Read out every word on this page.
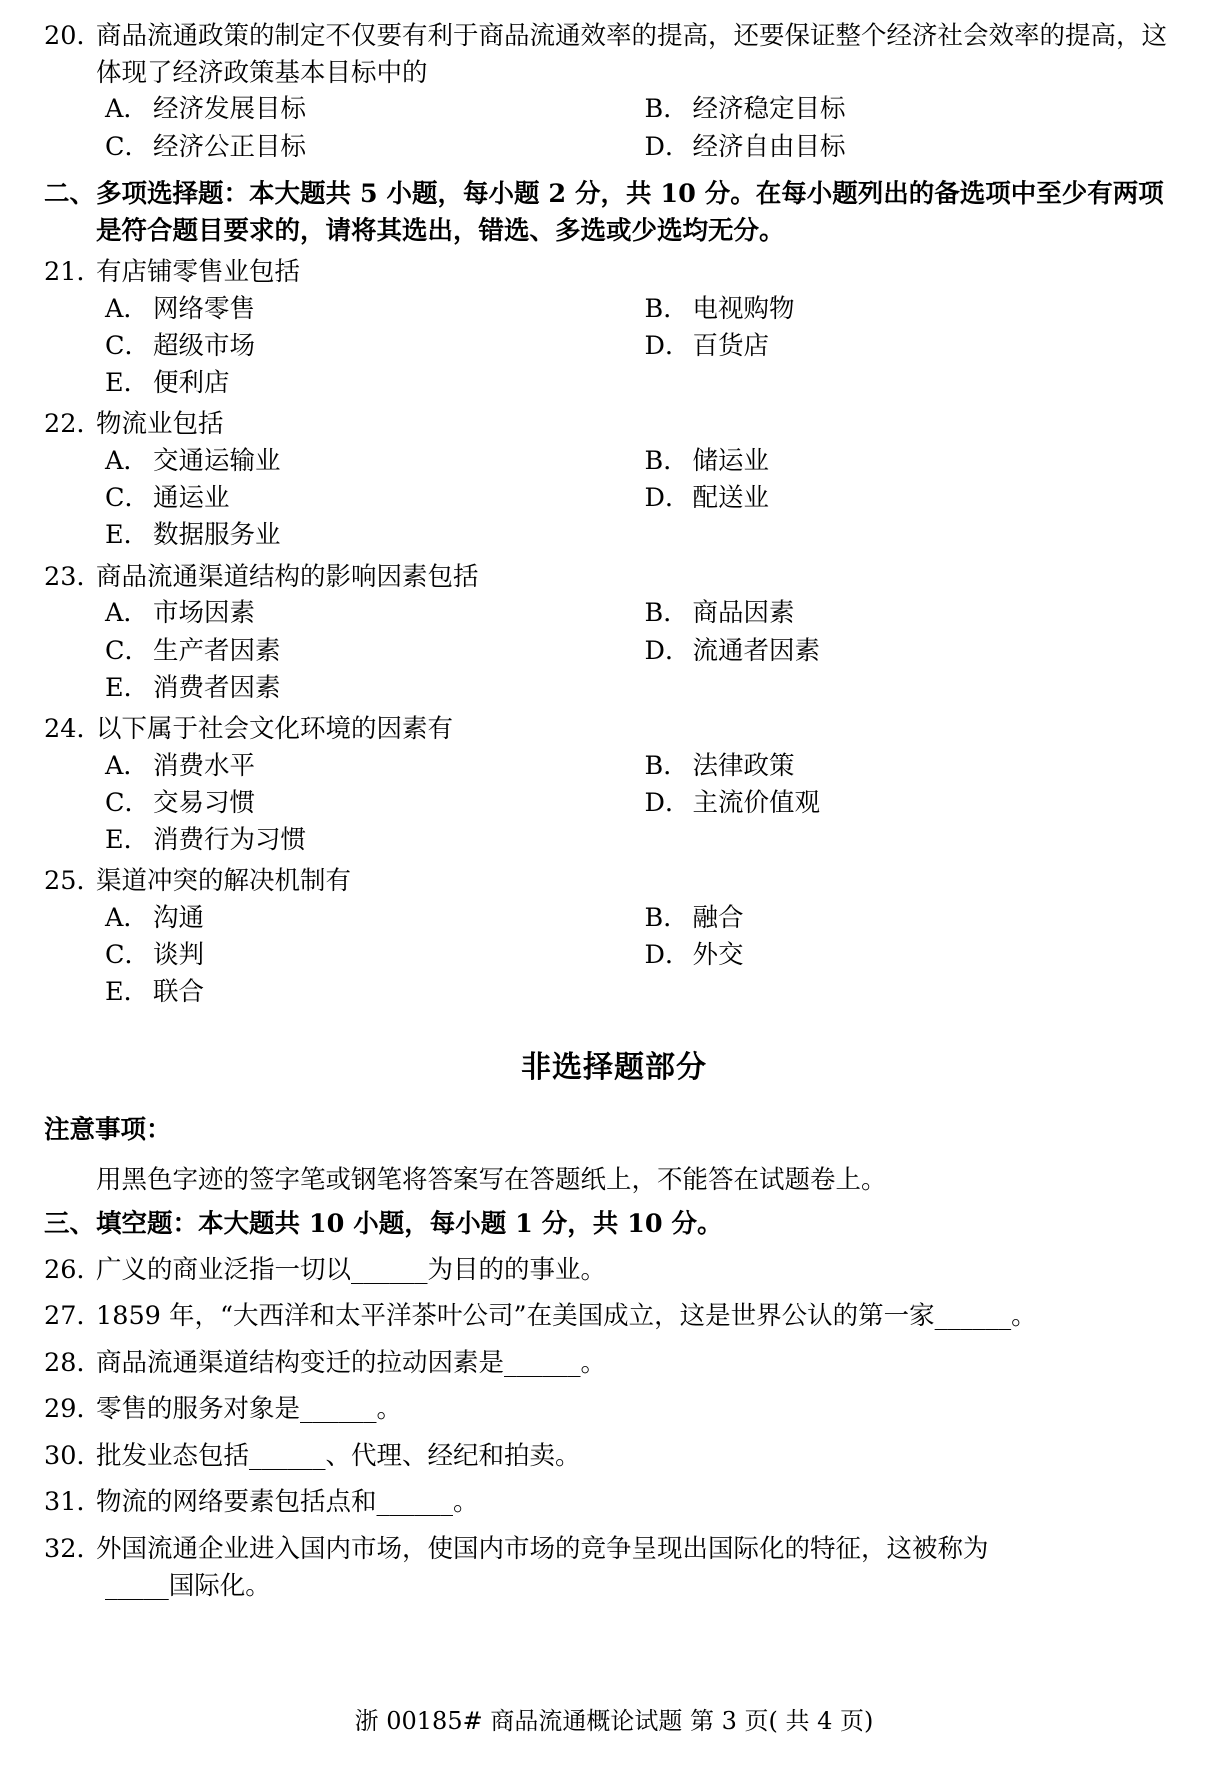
20．
商品流通政策的制定不仅要有利于商品流通效率的提高，还要保证整个经济社会效率的提高，这体现了经济政策基本目标中的
A． 经济发展目标	B． 经济稳定目标
C． 经济公正目标	D． 经济自由目标
二、 多项选择题：本大题共 5 小题，每小题 2 分，共 10 分。在每小题列出的备选项中至少有两项是符合题目要求的，请将其选出，错选、多选或少选均无分。
21．
有店铺零售业包括
A． 网络零售	B． 电视购物
C． 超级市场	D． 百货店
E． 便利店
22．
物流业包括
A． 交通运输业	B． 储运业
C． 通运业	D． 配送业
E． 数据服务业
23．
商品流通渠道结构的影响因素包括
A． 市场因素	B． 商品因素
C． 生产者因素	D． 流通者因素
E． 消费者因素
24．
以下属于社会文化环境的因素有
A． 消费水平	B． 法律政策
C． 交易习惯	D． 主流价值观
E． 消费行为习惯
25．
渠道冲突的解决机制有
A． 沟通	B． 融合
C． 谈判	D． 外交
E． 联合
非选择题部分
注意事项：
用黑色字迹的签字笔或钢笔将答案写在答题纸上，不能答在试题卷上。
三、 填空题：本大题共 10 小题，每小题 1 分，共 10 分。
26．
广义的商业泛指一切以______为目的的事业。
27．
1859 年，“大西洋和太平洋茶叶公司”在美国成立，这是世界公认的第一家______。
28．
商品流通渠道结构变迁的拉动因素是______。
29．
零售的服务对象是______。
30．
批发业态包括______、代理、经纪和拍卖。
31．
物流的网络要素包括点和______。
32．
外国流通企业进入国内市场，使国内市场的竞争呈现出国际化的特征，这被称为
_____国际化。
浙 00185# 商品流通概论试题 第 3 页( 共 4 页)
